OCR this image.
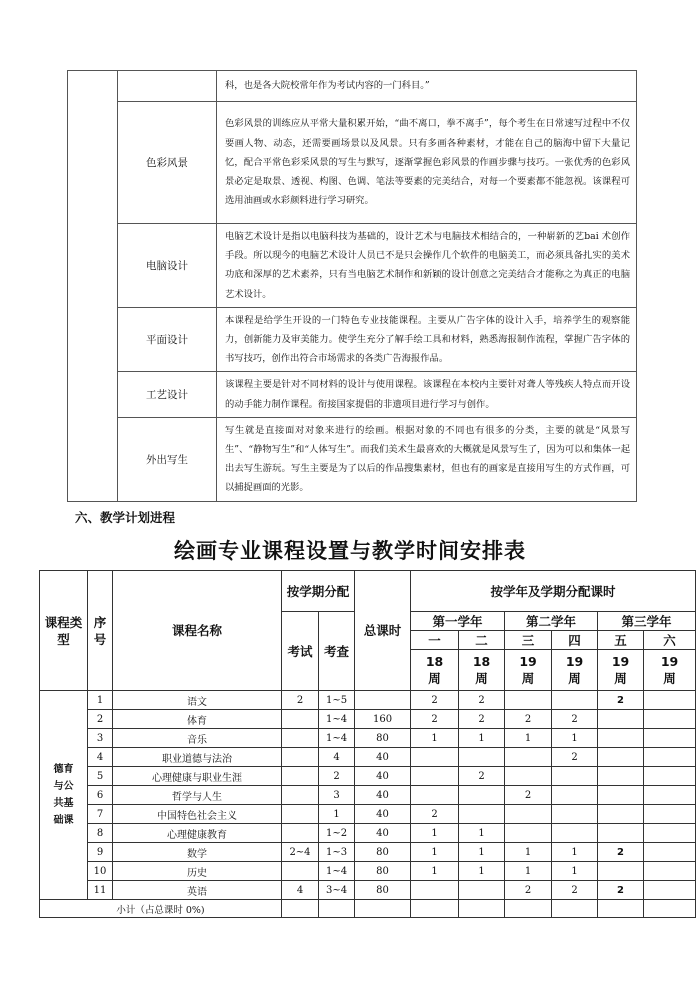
		科，也是各大院校常年作为考试内容的一门科目。”
	色彩风景	色彩风景的训练应从平常大量积累开始，“曲不离口，拳不离手”，每个考生在日常速写过程中不仅要画人物、动态，还需要画场景以及风景。只有多画各种素材，才能在自己的脑海中留下大量记忆，配合平常色彩采风景的写生与默写，逐渐掌握色彩风景的作画步骤与技巧。一张优秀的色彩风景必定是取景、透视、构图、色调、笔法等要素的完美结合，对每一个要素都不能忽视。该课程可选用油画或水彩颜料进行学习研究。
	电脑设计	电脑艺术设计是指以电脑科技为基础的，设计艺术与电脑技术相结合的，一种崭新的艺bai 术创作手段。所以现今的电脑艺术设计人员已不是只会操作几个软件的电脑美工，而必须具备扎实的美术功底和深厚的艺术素养，只有当电脑艺术制作和新颖的设计创意之完美结合才能称之为真正的电脑艺术设计。
	平面设计	本课程是给学生开设的一门特色专业技能课程。主要从广告字体的设计入手，培养学生的观察能力，创新能力及审美能力。使学生充分了解手绘工具和材料，熟悉海报制作流程，掌握广告字体的书写技巧，创作出符合市场需求的各类广告海报作品。
	工艺设计	该课程主要是针对不同材料的设计与使用课程。该课程在本校内主要针对聋人等残疾人特点而开设的动手能力制作课程。衔接国家提倡的非遗项目进行学习与创作。
	外出写生	写生就是直接面对对象来进行的绘画。根据对象的不同也有很多的分类，主要的就是“风景写生”、“静物写生”和“人体写生”。而我们美术生最喜欢的大概就是风景写生了，因为可以和集体一起出去写生游玩。写生主要是为了以后的作品搜集素材，但也有的画家是直接用写生的方式作画，可以捕捉画面的光影。
六、教学计划进程
绘画专业课程设置与教学时间安排表
课程类型	序号	课程名称	按学期分配		总课时	按学年及学期分配课时					
			考试	考查		第一学年		第二学年		第三学年	
						一	二	三	四	五	六

						18周	18周	19周	19周	19周	19周

德育与公共基础课	1	语文	2	1~5		2	2			2	
	2	体育		1~4	160	2	2	2	2		
	3	音乐		1~4	80	1	1	1	1		
	4	职业道德与法治		4	40				2		
	5	心理健康与职业生涯		2	40		2				
	6	哲学与人生		3	40			2			
	7	中国特色社会主义		1	40	2					
	8	心理健康教育		1~2	40	1	1				
	9	数学	2~4	1~3	80	1	1	1	1	2	
	10	历史		1~4	80	1	1	1	1		
	11	英语	4	3~4	80			2	2	2	

小计（占总课时 0%)											
